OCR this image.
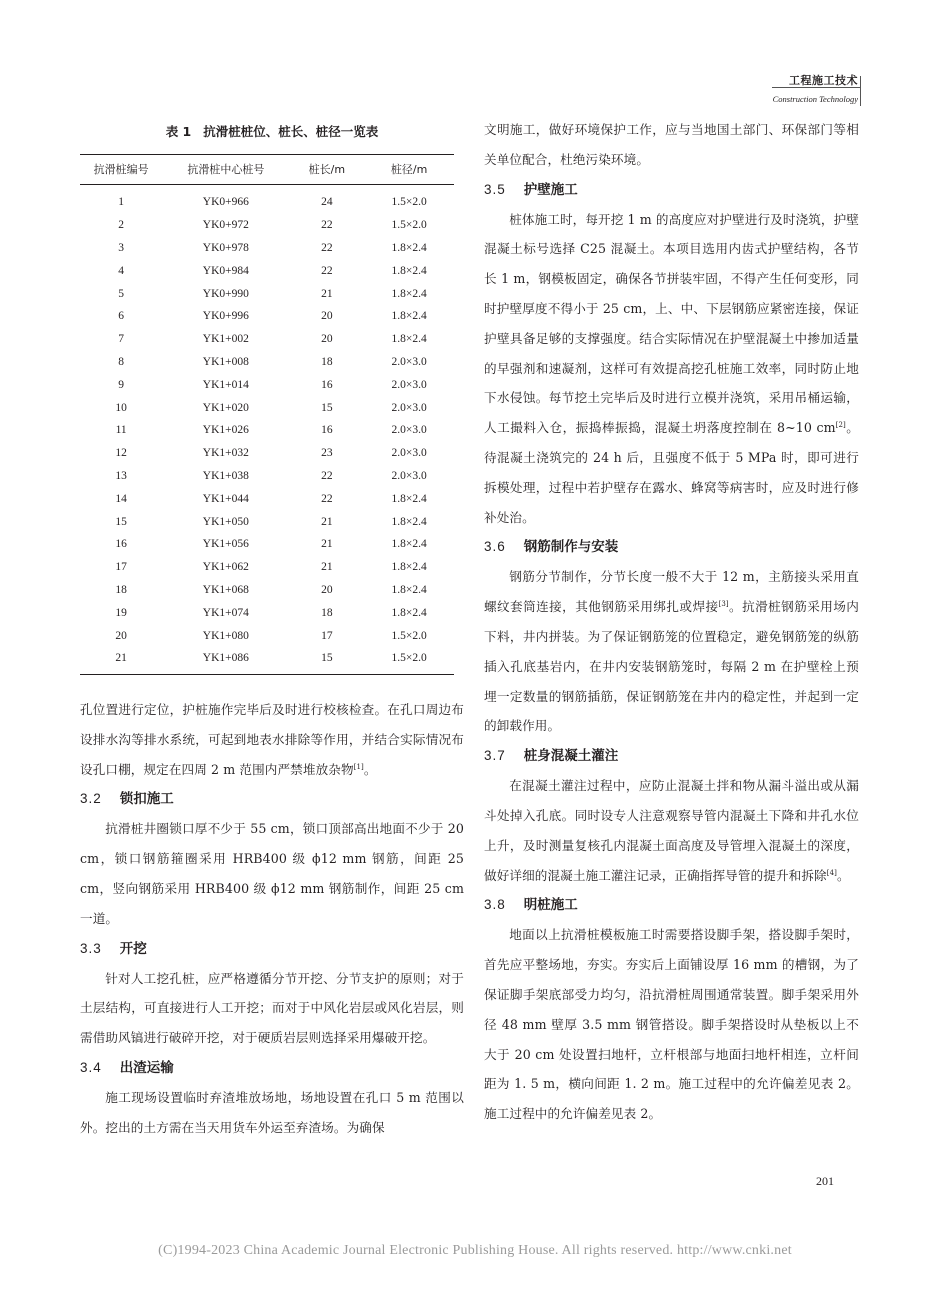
工程施工技术
Construction Technology
表 1 抗滑桩桩位、桩长、桩径一览表
抗滑桩编号	抗滑桩中心桩号	桩长/m	桩径/m
1	YK0+966	24	1.5×2.0
2	YK0+972	22	1.5×2.0
3	YK0+978	22	1.8×2.4
4	YK0+984	22	1.8×2.4
5	YK0+990	21	1.8×2.4
6	YK0+996	20	1.8×2.4
7	YK1+002	20	1.8×2.4
8	YK1+008	18	2.0×3.0
9	YK1+014	16	2.0×3.0
10	YK1+020	15	2.0×3.0
11	YK1+026	16	2.0×3.0
12	YK1+032	23	2.0×3.0
13	YK1+038	22	2.0×3.0
14	YK1+044	22	1.8×2.4
15	YK1+050	21	1.8×2.4
16	YK1+056	21	1.8×2.4
17	YK1+062	21	1.8×2.4
18	YK1+068	20	1.8×2.4
19	YK1+074	18	1.8×2.4
20	YK1+080	17	1.5×2.0
21	YK1+086	15	1.5×2.0

孔位置进行定位，护桩施作完毕后及时进行校核检查。在孔口周边布设排水沟等排水系统，可起到地表水排除等作用，并结合实际情况布设孔口棚，规定在四周 2 m 范围内严禁堆放杂物[1]。

3.2 锁扣施工

抗滑桩井圈锁口厚不少于 55 cm，锁口顶部高出地面不少于 20 cm，锁口钢筋箍圈采用 HRB400 级 ϕ12 mm 钢筋，间距 25 cm，竖向钢筋采用 HRB400 级 ϕ12 mm 钢筋制作，间距 25 cm 一道。

3.3 开挖

针对人工挖孔桩，应严格遵循分节开挖、分节支护的原则；对于土层结构，可直接进行人工开挖；而对于中风化岩层或风化岩层，则需借助风镐进行破碎开挖，对于硬质岩层则选择采用爆破开挖。

3.4 出渣运输

施工现场设置临时弃渣堆放场地，场地设置在孔口 5 m 范围以外。挖出的土方需在当天用货车外运至弃渣场。为确保

文明施工，做好环境保护工作，应与当地国土部门、环保部门等相关单位配合，杜绝污染环境。

3.5 护壁施工

桩体施工时，每开挖 1 m 的高度应对护壁进行及时浇筑，护壁混凝土标号选择 C25 混凝土。本项目选用内齿式护壁结构，各节长 1 m，钢模板固定，确保各节拼装牢固，不得产生任何变形，同时护壁厚度不得小于 25 cm，上、中、下层钢筋应紧密连接，保证护壁具备足够的支撑强度。结合实际情况在护壁混凝土中掺加适量的早强剂和速凝剂，这样可有效提高挖孔桩施工效率，同时防止地下水侵蚀。每节挖土完毕后及时进行立模并浇筑，采用吊桶运输，人工撮料入仓，振捣棒振捣，混凝土坍落度控制在 8~10 cm[2]。待混凝土浇筑完的 24 h 后，且强度不低于 5 MPa 时，即可进行拆模处理，过程中若护壁存在露水、蜂窝等病害时，应及时进行修补处治。

3.6 钢筋制作与安装

钢筋分节制作，分节长度一般不大于 12 m，主筋接头采用直螺纹套筒连接，其他钢筋采用绑扎或焊接[3]。抗滑桩钢筋采用场内下料，井内拼装。为了保证钢筋笼的位置稳定，避免钢筋笼的纵筋插入孔底基岩内，在井内安装钢筋笼时，每隔 2 m 在护壁栓上预埋一定数量的钢筋插筋，保证钢筋笼在井内的稳定性，并起到一定的卸载作用。

3.7 桩身混凝土灌注

在混凝土灌注过程中，应防止混凝土拌和物从漏斗溢出或从漏斗处掉入孔底。同时设专人注意观察导管内混凝土下降和井孔水位上升，及时测量复核孔内混凝土面高度及导管埋入混凝土的深度，做好详细的混凝土施工灌注记录，正确指挥导管的提升和拆除[4]。

3.8 明桩施工

地面以上抗滑桩模板施工时需要搭设脚手架，搭设脚手架时，首先应平整场地，夯实。夯实后上面铺设厚 16 mm 的槽钢，为了保证脚手架底部受力均匀，沿抗滑桩周围通常装置。脚手架采用外径 48 mm 壁厚 3.5 mm 钢管搭设。脚手架搭设时从垫板以上不大于 20 cm 处设置扫地杆，立杆根部与地面扫地杆相连，立杆间距为 1. 5 m，横向间距 1. 2 m。施工过程中的允许偏差见表 2。施工过程中的允许偏差见表 2。

201
(C)1994-2023 China Academic Journal Electronic Publishing House. All rights reserved. http://www.cnki.net
